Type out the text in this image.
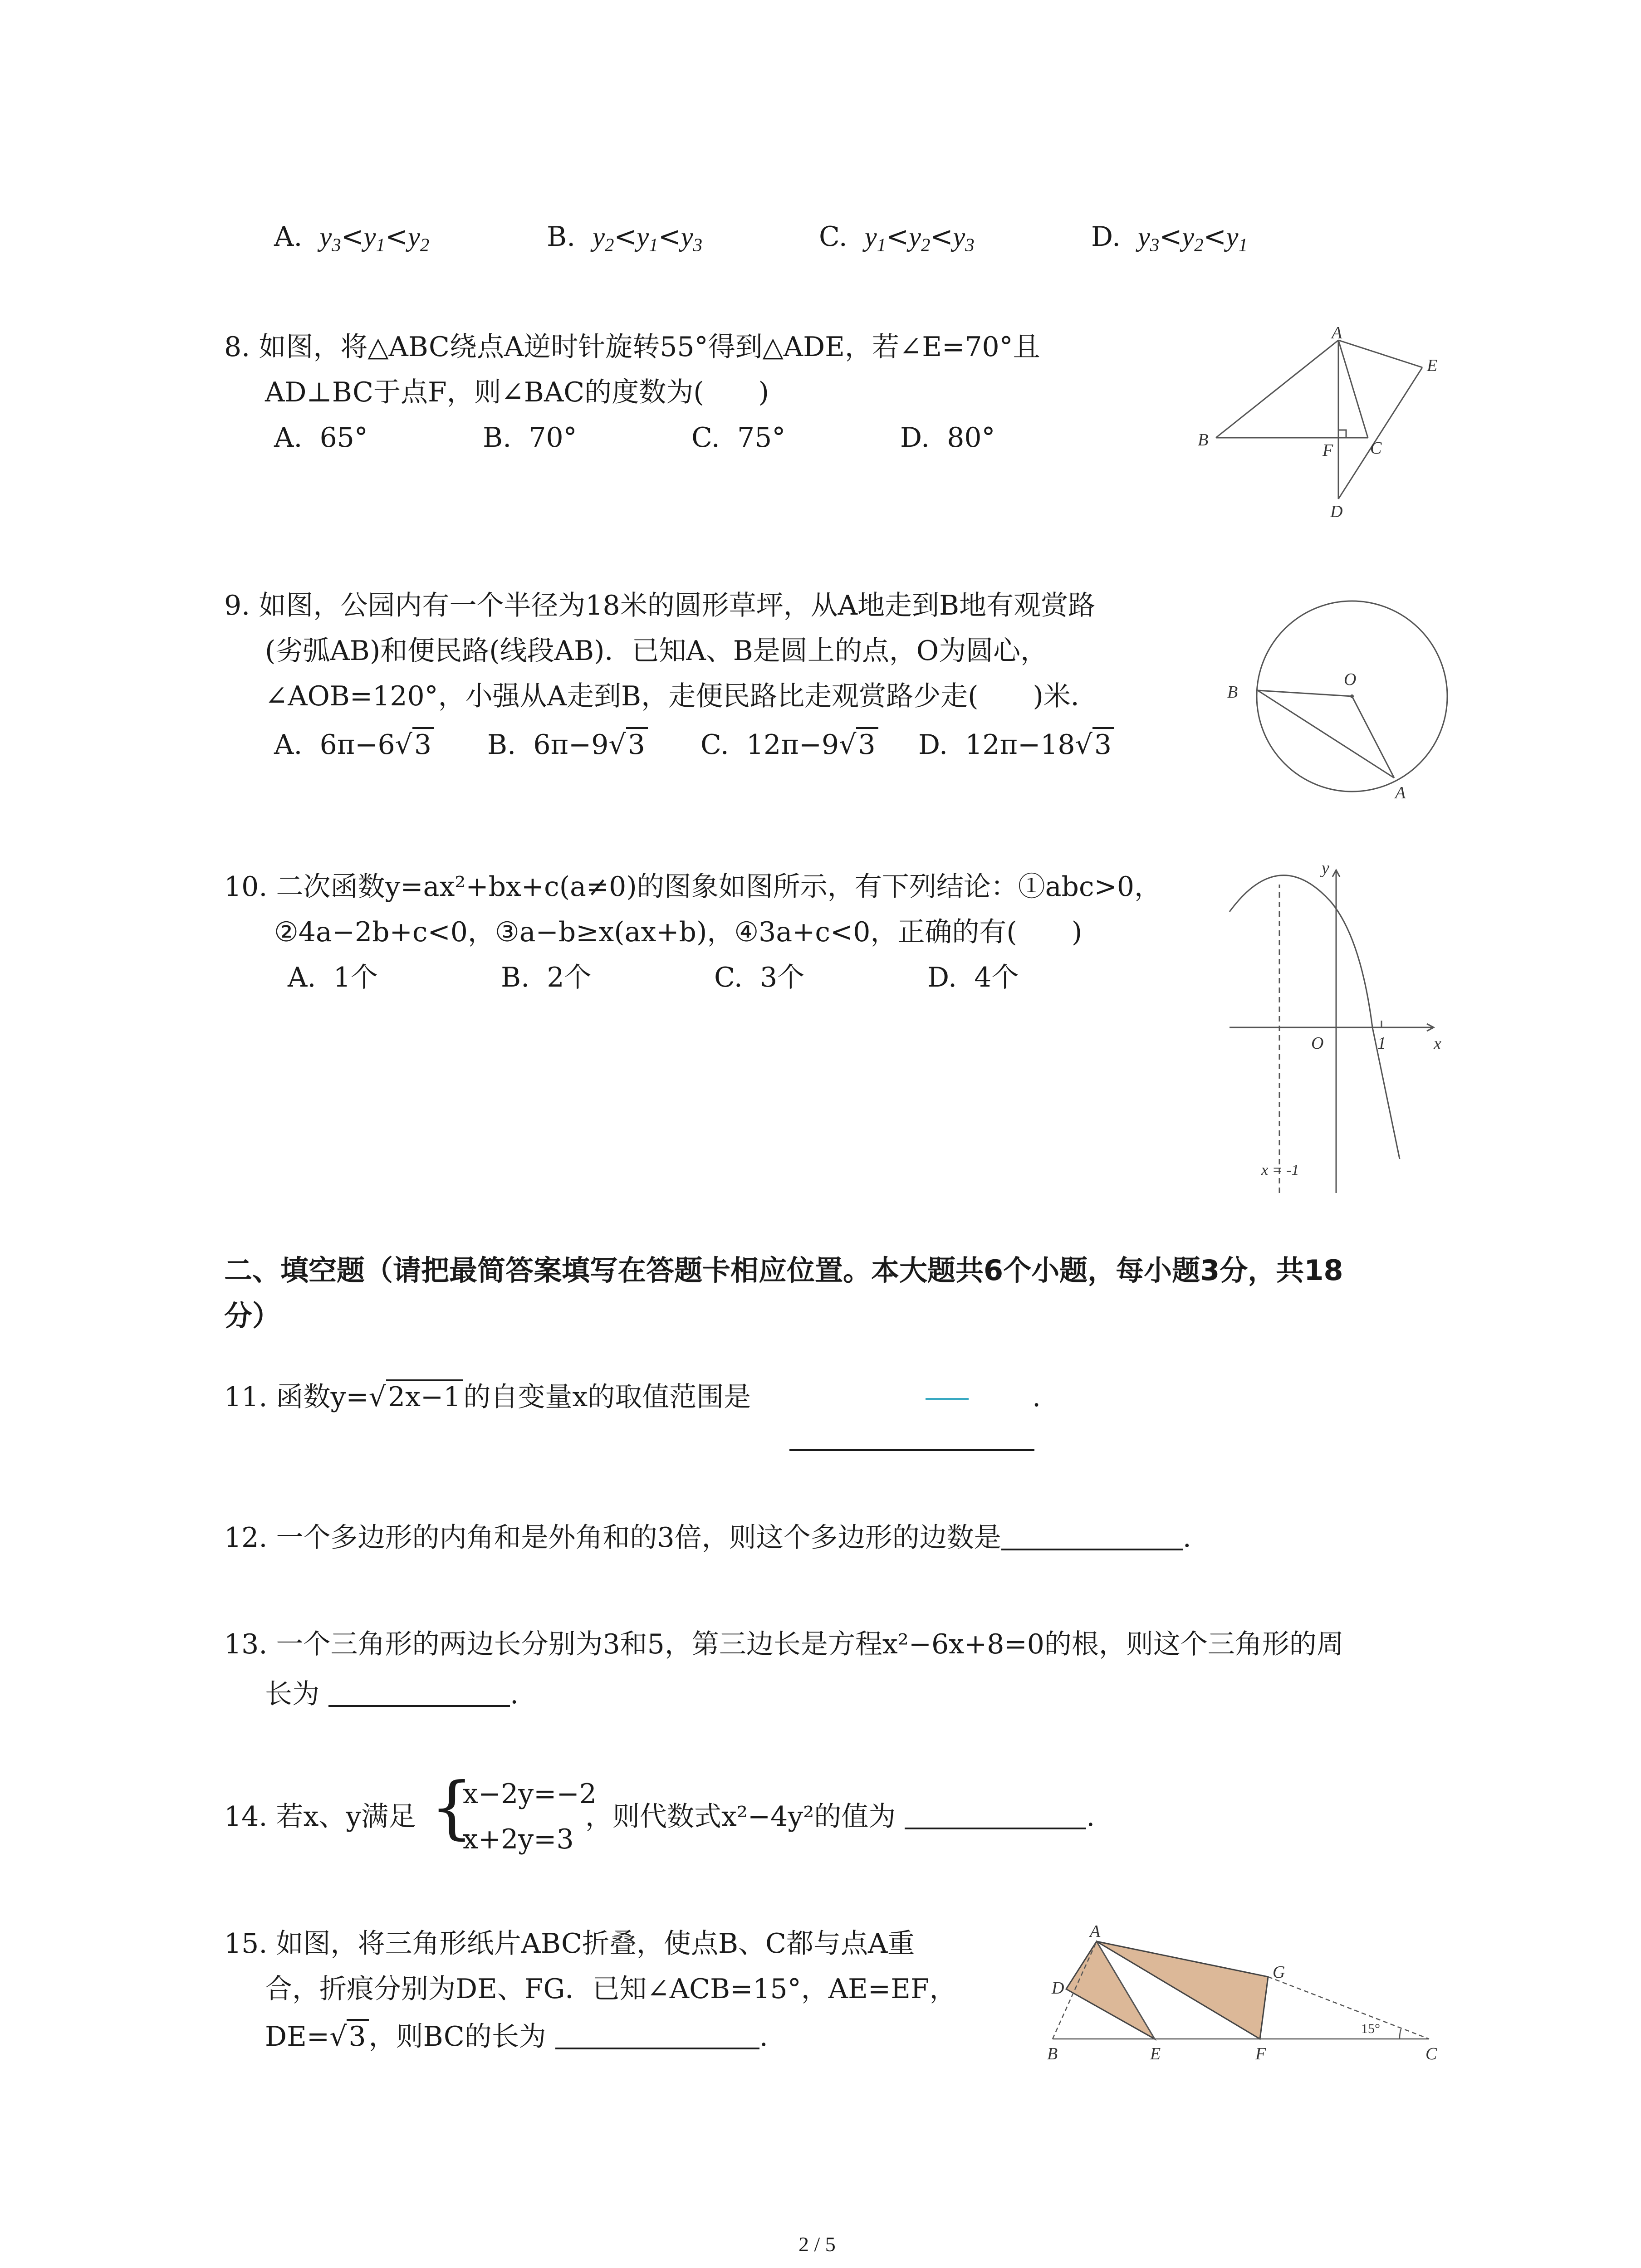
A. $y_3<y_1<y_2$	B. $y_2<y_1<y_3$	C. $y_1<y_2<y_3$	D. $y_3<y_2<y_1$
8. 如图，将△ABC绕点A逆时针旋转55°得到△ADE，若∠E=70°且
AD⊥BC于点F，则∠BAC的度数为(　　)
A. 65°	B. 70°	C. 75°	D. 80°
A
B	C
D
E
F
9. 如图，公园内有一个半径为18米的圆形草坪，从A地走到B地有观赏路
(劣弧AB)和便民路(线段AB)．已知A、B是圆上的点，O为圆心，
∠AOB=120°，小强从A走到B，走便民路比走观赏路少走(　　)米．
A. 6π−6√3 B. 6π−9√3 C. 12π−9√3 D. 12π−18√3
B
O
A
10. 二次函数y=ax²+bx+c(a≠0)的图象如图所示，有下列结论：①abc>0，
②4a−2b+c<0，③a−b≥x(ax+b)，④3a+c<0，正确的有(　　)
A. 1个	B. 2个	C. 3个	D. 4个
y
x
O	1
x = -1
二、填空题（请把最简答案填写在答题卡相应位置。本大题共6个小题，每小题3分，共18
分）
11. 函数y=√2x−1 的自变量x的取值范围是	.
12. 一个多边形的内角和是外角和的3倍，则这个多边形的边数是	.
13. 一个三角形的两边长分别为3和5，第三边长是方程x²−6x+8=0的根，则这个三角形的周
长为	.
14. 若x、y满足 {
x−2y=−2
x+2y=3
，则代数式x²−4y²的值为	.
15. 如图，将三角形纸片ABC折叠，使点B、C都与点A重
合，折痕分别为DE、FG．已知∠ACB=15°，AE=EF，
DE=√3 ，则BC的长为	.
A
B	C
D
E	F
G
15°
2 / 5
